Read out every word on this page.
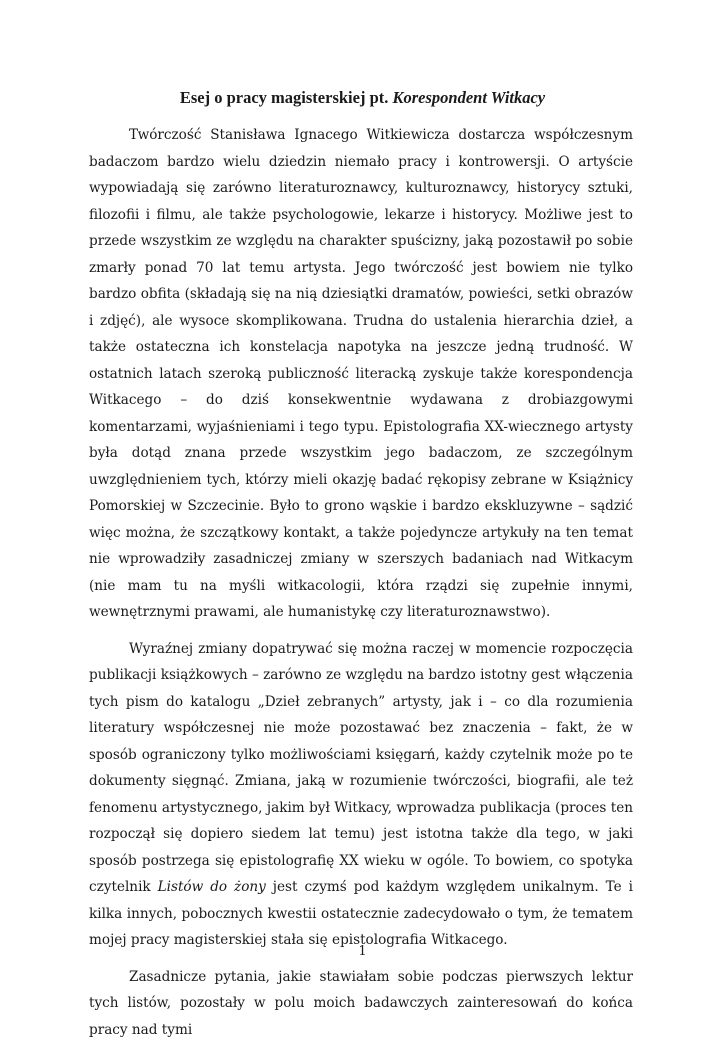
Esej o pracy magisterskiej pt. Korespondent Witkacy

Twórczość Stanisława Ignacego Witkiewicza dostarcza współczesnym badaczom bardzo wielu dziedzin niemało pracy i kontrowersji. O artyście wypowiadają się zarówno literaturoznawcy, kulturoznawcy, historycy sztuki, filozofii i filmu, ale także psychologowie, lekarze i historycy. Możliwe jest to przede wszystkim ze względu na charakter spuścizny, jaką pozostawił po sobie zmarły ponad 70 lat temu artysta. Jego twórczość jest bowiem nie tylko bardzo obfita (składają się na nią dziesiątki dramatów, powieści, setki obrazów i zdjęć), ale wysoce skomplikowana. Trudna do ustalenia hierarchia dzieł, a także ostateczna ich konstelacja napotyka na jeszcze jedną trudność. W ostatnich latach szeroką publiczność literacką zyskuje także korespondencja Witkacego – do dziś konsekwentnie wydawana z drobiazgowymi komentarzami, wyjaśnieniami i tego typu. Epistolografia XX-wiecznego artysty była dotąd znana przede wszystkim jego badaczom, ze szczególnym uwzględnieniem tych, którzy mieli okazję badać rękopisy zebrane w Książnicy Pomorskiej w Szczecinie. Było to grono wąskie i bardzo ekskluzywne – sądzić więc można, że szczątkowy kontakt, a także pojedyncze artykuły na ten temat nie wprowadziły zasadniczej zmiany w szerszych badaniach nad Witkacym (nie mam tu na myśli witkacologii, która rządzi się zupełnie innymi, wewnętrznymi prawami, ale humanistykę czy literaturoznawstwo).

Wyraźnej zmiany dopatrywać się można raczej w momencie rozpoczęcia publikacji książkowych – zarówno ze względu na bardzo istotny gest włączenia tych pism do katalogu „Dzieł zebranych” artysty, jak i – co dla rozumienia literatury współczesnej nie może pozostawać bez znaczenia – fakt, że w sposób ograniczony tylko możliwościami księgarń, każdy czytelnik może po te dokumenty sięgnąć. Zmiana, jaką w rozumienie twórczości, biografii, ale też fenomenu artystycznego, jakim był Witkacy, wprowadza publikacja (proces ten rozpoczął się dopiero siedem lat temu) jest istotna także dla tego, w jaki sposób postrzega się epistolografię XX wieku w ogóle. To bowiem, co spotyka czytelnik Listów do żony jest czymś pod każdym względem unikalnym. Te i kilka innych, pobocznych kwestii ostatecznie zadecydowało o tym, że tematem mojej pracy magisterskiej stała się epistolografia Witkacego.

Zasadnicze pytania, jakie stawiałam sobie podczas pierwszych lektur tych listów, pozostały w polu moich badawczych zainteresowań do końca pracy nad tymi

1
